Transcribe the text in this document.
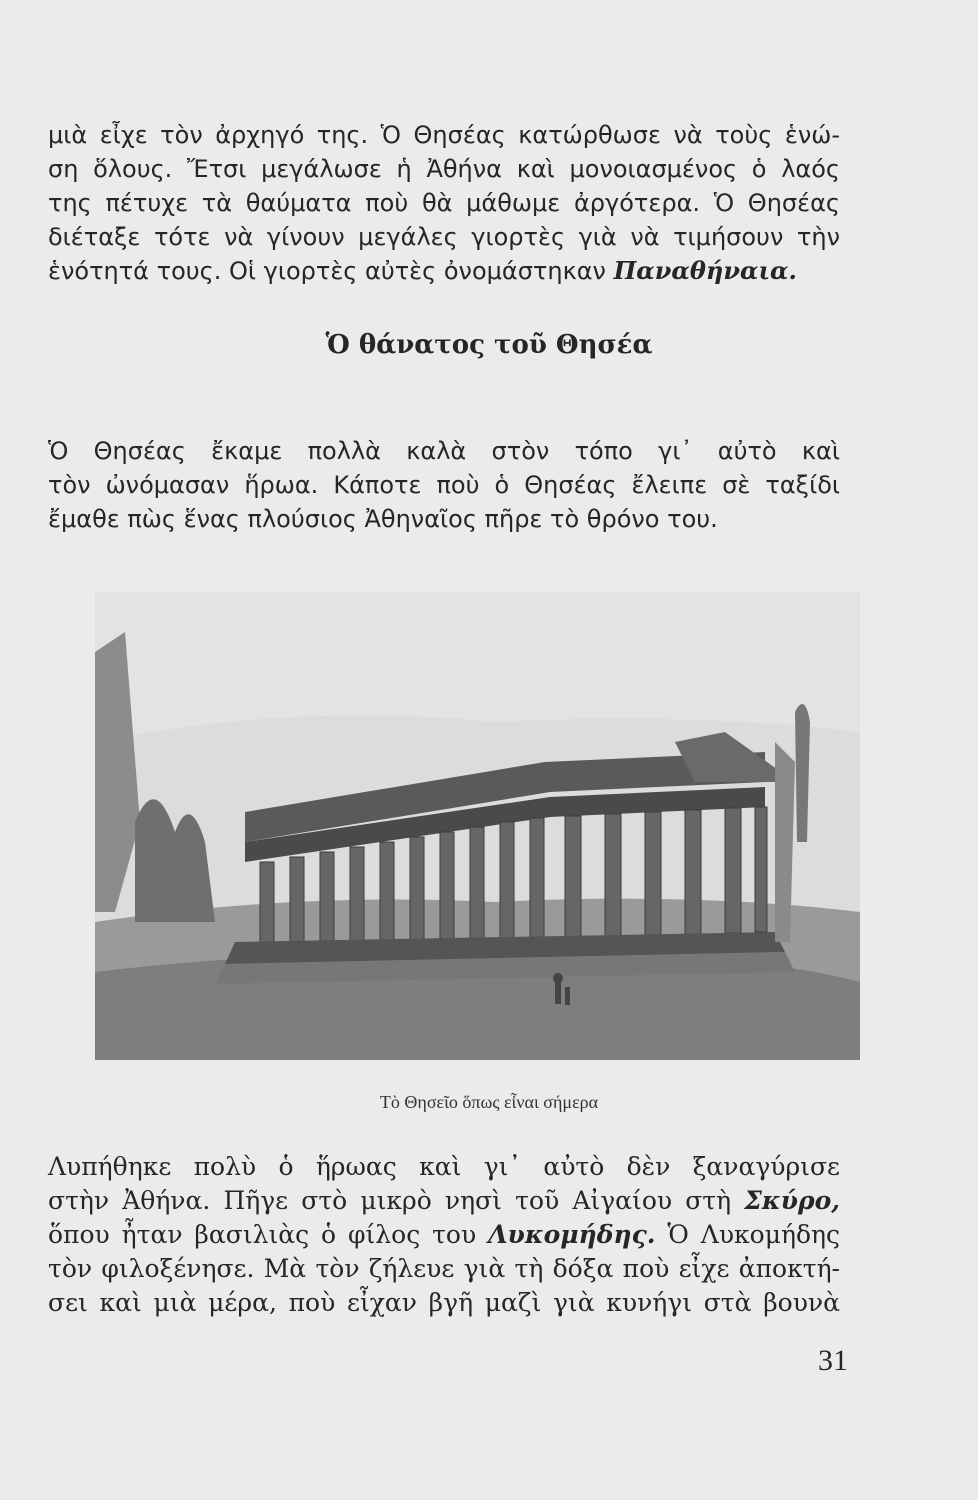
μιὰ εἶχε τὸν ἀρχηγό της. Ὁ Θησέας κατώρθωσε νὰ τοὺς ἑνώ-
ση ὅλους. Ἔτσι μεγάλωσε ἡ Ἀθήνα καὶ μονοιασμένος ὁ λαός
της πέτυχε τὰ θαύματα ποὺ θὰ μάθωμε ἀργότερα. Ὁ Θησέας
διέταξε τότε νὰ γίνουν μεγάλες γιορτὲς γιὰ νὰ τιμήσουν τὴν
ἑνότητά τους. Οἱ γιορτὲς αὐτὲς ὀνομάστηκαν Παναθήναια.
Ὁ θάνατος τοῦ Θησέα
Ὁ Θησέας ἔκαμε πολλὰ καλὰ στὸν τόπο γι᾽ αὐτὸ καὶ
τὸν ὠνόμασαν ἥρωα. Κάποτε ποὺ ὁ Θησέας ἔλειπε σὲ ταξίδι
ἔμαθε πὼς ἕνας πλούσιος Ἀθηναῖος πῆρε τὸ θρόνο του.
Τὸ Θησεῖο ὅπως εἶναι σήμερα
Λυπήθηκε πολὺ ὁ ἥρωας καὶ γι᾽ αὐτὸ δὲν ξαναγύρισε
στὴν Ἀθήνα. Πῆγε στὸ μικρὸ νησὶ τοῦ Αἰγαίου στὴ Σκύρο,
ὅπου ἦταν βασιλιὰς ὁ φίλος του Λυκομήδης. Ὁ Λυκομήδης
τὸν φιλοξένησε. Μὰ τὸν ζήλευε γιὰ τὴ δόξα ποὺ εἶχε ἀποκτή-
σει καὶ μιὰ μέρα, ποὺ εἶχαν βγῆ μαζὶ γιὰ κυνήγι στὰ βουνὰ
31
